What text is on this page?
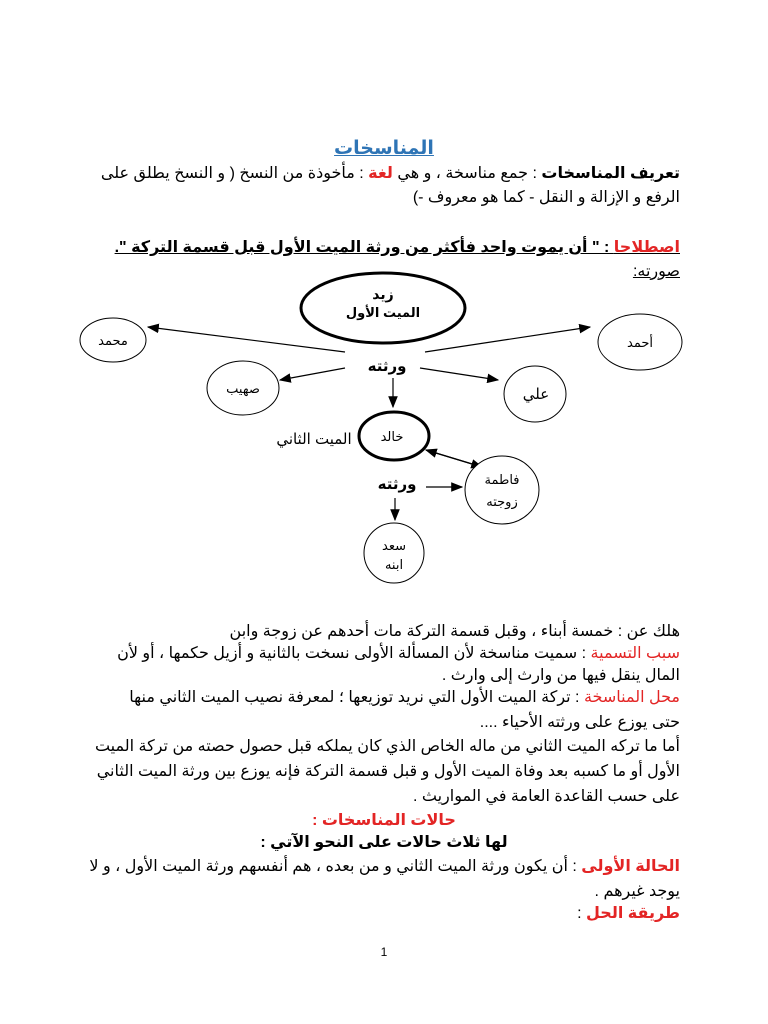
المناسخات
تعريف المناسخات : جمع مناسخة ، و هي لغة : مأخوذة من النسخ ( و النسخ يطلق على
الرفع و الإزالة و النقل - كما هو معروف -)
اصطلاحا : " أن يموت واحد فأكثر من ورثة الميت الأول قبل قسمة التركة ".
صورته:
زيد
الميت الأول
محمد	أحمد
ورثته
صهيب	علي
خالد
الميت الثاني
فاطمة
زوجته
ورثته
سعد
ابنه
هلك عن : خمسة أبناء ، وقبل قسمة التركة مات أحدهم عن زوجة وابن
سبب التسمية : سميت مناسخة لأن المسألة الأولى نسخت بالثانية و أزيل حكمها ، أو لأن
المال ينقل فيها من وارث إلى وارث .
محل المناسخة : تركة الميت الأول التي نريد توزيعها ؛ لمعرفة نصيب الميت الثاني منها
حتى يوزع على ورثته الأحياء ....
أما ما تركه الميت الثاني من ماله الخاص الذي كان يملكه قبل حصول حصته من تركة الميت
الأول أو ما كسبه بعد وفاة الميت الأول و قبل قسمة التركة فإنه يوزع بين ورثة الميت الثاني
على حسب القاعدة العامة في المواريث .
حالات المناسخات :
لها ثلاث حالات على النحو الآتي :
الحالة الأولى : أن يكون ورثة الميت الثاني و من بعده ، هم أنفسهم ورثة الميت الأول ، و لا
يوجد غيرهم .
طريقة الحل :
1
